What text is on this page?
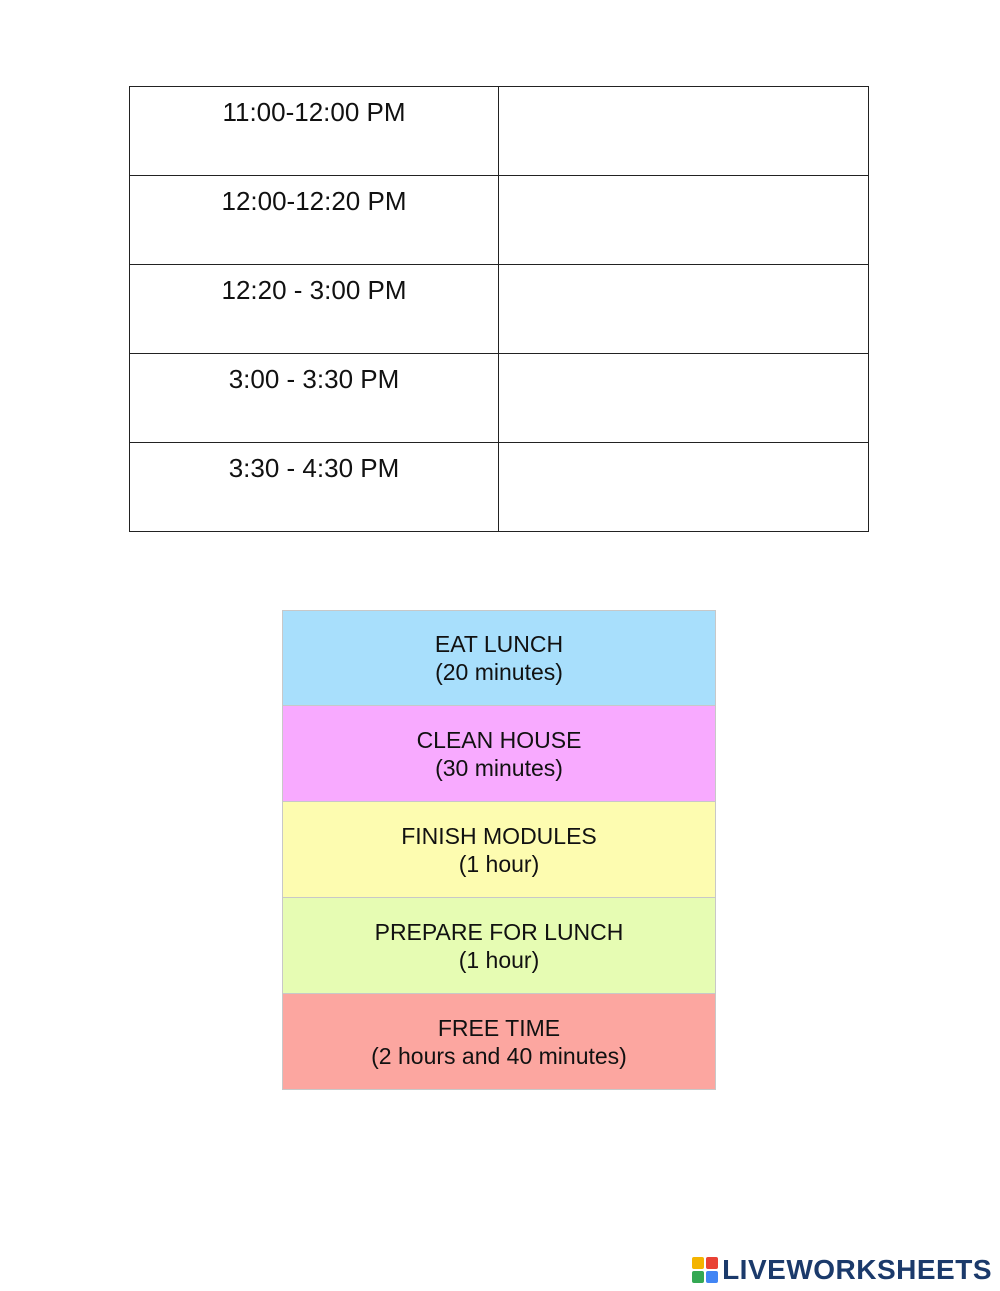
11:00-12:00 PM	
12:00-12:20 PM	
12:20 - 3:00 PM	
3:00 - 3:30 PM	
3:30 - 4:30 PM	
EAT LUNCH
(20 minutes)
CLEAN HOUSE
(30 minutes)
FINISH MODULES
(1 hour)
PREPARE FOR LUNCH
(1 hour)
FREE TIME
(2 hours and 40 minutes)
LIVEWORKSHEETS
